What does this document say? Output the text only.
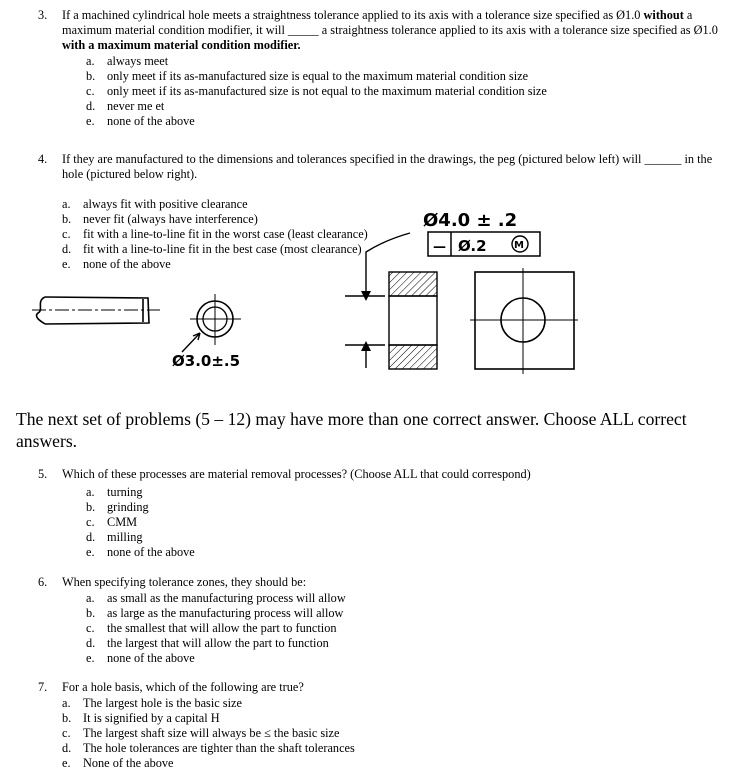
3. If a machined cylindrical hole meets a straightness tolerance applied to its axis with a tolerance size specified as Ø1.0 without a maximum material condition modifier, it will _____ a straightness tolerance applied to its axis with a tolerance size specified as Ø1.0 with a maximum material condition modifier.
a.	always meet
b. only meet if its as-manufactured size is equal to the maximum material condition size
c.	only meet if its as-manufactured size is not equal to the maximum material condition size
d. never me et
e.	none of the above
4. If they are manufactured to the dimensions and tolerances specified in the drawings, the peg (pictured below left) will ______ in the hole (pictured below right).
a.	always fit with positive clearance
b. never fit (always have interference)
c.	fit with a line-to-line fit in the worst case (least clearance)
d. fit with a line-to-line fit in the best case (most clearance)
e.	none of the above
Ø3.0±.5
Ø4.0 ± .2
— Ø.2	M
The next set of problems (5 – 12) may have more than one correct answer. Choose ALL correct answers.
5. Which of these processes are material removal processes? (Choose ALL that could correspond)
a.	turning
b. grinding
c.	CMM
d. milling
e.	none of the above
6. When specifying tolerance zones, they should be:
a.	as small as the manufacturing process will allow
b. as large as the manufacturing process will allow
c.	the smallest that will allow the part to function
d. the largest that will allow the part to function
e.	none of the above
7. For a hole basis, which of the following are true?
a.	The largest hole is the basic size
b. It is signified by a capital H
c.	The largest shaft size will always be ≤ the basic size
d. The hole tolerances are tighter than the shaft tolerances
e.	None of the above
